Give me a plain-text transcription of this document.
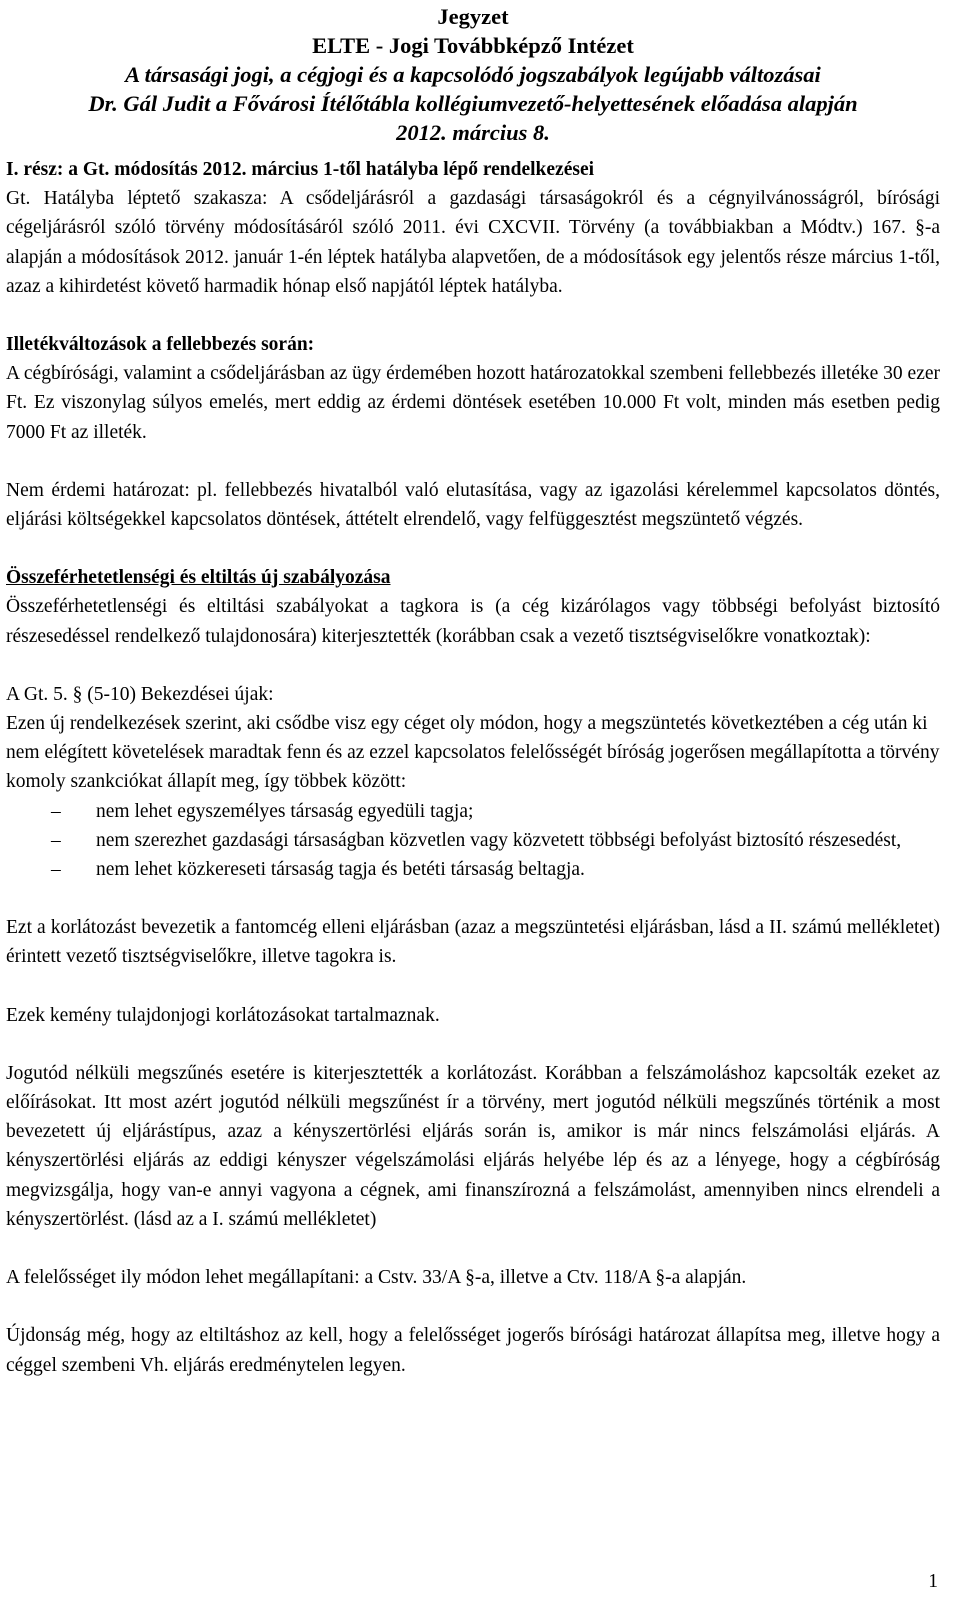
Jegyzet
ELTE - Jogi Továbbképző Intézet
A társasági jogi, a cégjogi és a kapcsolódó jogszabályok legújabb változásai
Dr. Gál Judit a Fővárosi Ítélőtábla kollégiumvezető-helyettesének előadása alapján
2012. március 8.

I. rész: a Gt. módosítás 2012. március 1-től hatályba lépő rendelkezései

Gt. Hatályba léptető szakasza: A csődeljárásról a gazdasági társaságokról és a cégnyilvánosságról, bírósági cégeljárásról szóló törvény módosításáról szóló 2011. évi CXCVII. Törvény (a továbbiakban a Módtv.) 167. §-a alapján a módosítások 2012. január 1-én léptek hatályba alapvetően, de a módosítások egy jelentős része március 1-től, azaz a kihirdetést követő harmadik hónap első napjától léptek hatályba.

Illetékváltozások a fellebbezés során:

A cégbírósági, valamint a csődeljárásban az ügy érdemében hozott határozatokkal szembeni fellebbezés illetéke 30 ezer Ft. Ez viszonylag súlyos emelés, mert eddig az érdemi döntések esetében 10.000 Ft volt, minden más esetben pedig 7000 Ft az illeték.

Nem érdemi határozat: pl. fellebbezés hivatalból való elutasítása, vagy az igazolási kérelemmel kapcsolatos döntés, eljárási költségekkel kapcsolatos döntések, áttételt elrendelő, vagy felfüggesztést megszüntető végzés.

Összeférhetetlenségi és eltiltás új szabályozása

Összeférhetetlenségi és eltiltási szabályokat a tagkora is (a cég kizárólagos vagy többségi befolyást biztosító részesedéssel rendelkező tulajdonosára) kiterjesztették (korábban csak a vezető tisztségviselőkre vonatkoztak):

A Gt. 5. § (5-10) Bekezdései újak:

Ezen új rendelkezések szerint, aki csődbe visz egy céget oly módon, hogy a megszüntetés következtében a cég után ki nem elégített követelések maradtak fenn és az ezzel kapcsolatos felelősségét bíróság jogerősen megállapította a törvény komoly szankciókat állapít meg, így többek között:

– nem lehet egyszemélyes társaság egyedüli tagja;
– nem szerezhet gazdasági társaságban közvetlen vagy közvetett többségi befolyást biztosító részesedést,
– nem lehet közkereseti társaság tagja és betéti társaság beltagja.

Ezt a korlátozást bevezetik a fantomcég elleni eljárásban (azaz a megszüntetési eljárásban, lásd a II. számú mellékletet) érintett vezető tisztségviselőkre, illetve tagokra is.

Ezek kemény tulajdonjogi korlátozásokat tartalmaznak.

Jogutód nélküli megszűnés esetére is kiterjesztették a korlátozást. Korábban a felszámoláshoz kapcsolták ezeket az előírásokat. Itt most azért jogutód nélküli megszűnést ír a törvény, mert jogutód nélküli megszűnés történik a most bevezetett új eljárástípus, azaz a kényszertörlési eljárás során is, amikor is már nincs felszámolási eljárás. A kényszertörlési eljárás az eddigi kényszer végelszámolási eljárás helyébe lép és az a lényege, hogy a cégbíróság megvizsgálja, hogy van-e annyi vagyona a cégnek, ami finanszírozná a felszámolást, amennyiben nincs elrendeli a kényszertörlést. (lásd az a I. számú mellékletet)

A felelősséget ily módon lehet megállapítani: a Cstv. 33/A §-a, illetve a Ctv. 118/A §-a alapján.

Újdonság még, hogy az eltiltáshoz az kell, hogy a felelősséget jogerős bírósági határozat állapítsa meg, illetve hogy a céggel szembeni Vh. eljárás eredménytelen legyen.

1
